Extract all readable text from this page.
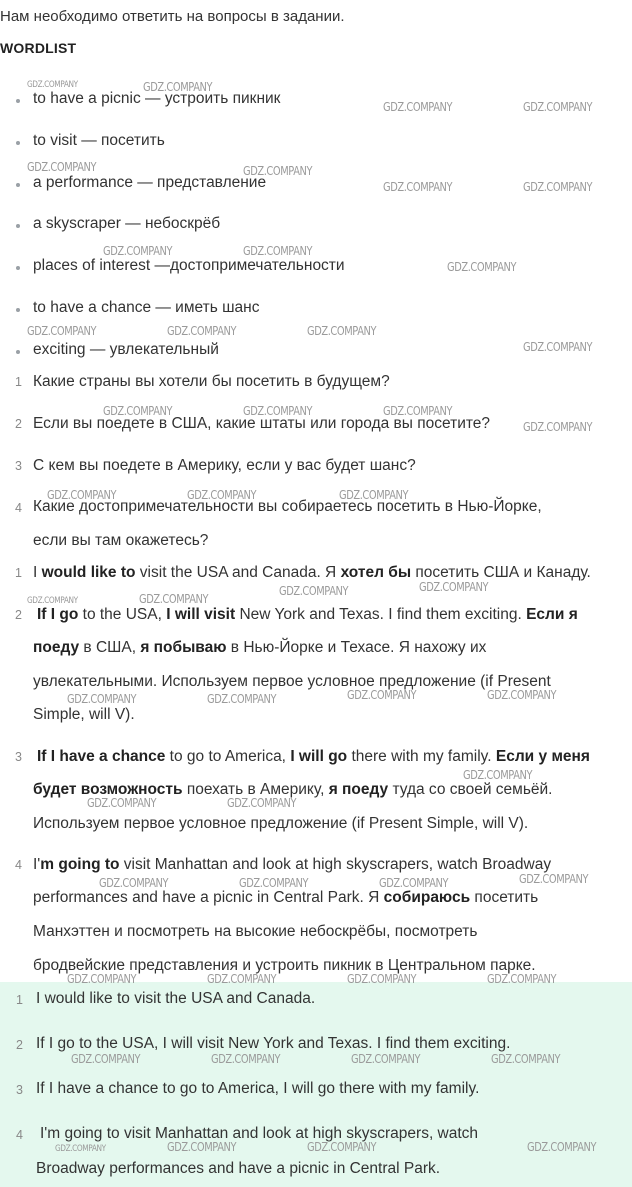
Нам необходимо ответить на вопросы в задании.
WORDLIST
to have a picnic — устроить пикник
to visit — посетить
a performance — представление
a skyscraper — небоскрёб
places of interest —достопримечательности
to have a chance — иметь шанс
exciting — увлекательный
1 Какие страны вы хотели бы посетить в будущем?
2 Если вы поедете в США, какие штаты или города вы посетите?
3 С кем вы поедете в Америку, если у вас будет шанс?
4 Какие достопримечательности вы собираетесь посетить в Нью-Йорке,
если вы там окажетесь?
1 I would like to visit the USA and Canada. Я хотел бы посетить США и Канаду.
2 If I go to the USA, I will visit New York and Texas. I find them exciting. Если я
поеду в США, я побываю в Нью-Йорке и Техасе. Я нахожу их
увлекательными. Используем первое условное предложение (if Present
Simple, will V).
3 If I have a chance to go to America, I will go there with my family. Если у меня
будет возможность поехать в Америку, я поеду туда со своей семьёй.
Используем первое условное предложение (if Present Simple, will V).
4 I'm going to visit Manhattan and look at high skyscrapers, watch Broadway
performances and have a picnic in Central Park. Я собираюсь посетить
Манхэттен и посмотреть на высокие небоскрёбы, посмотреть
бродвейские представления и устроить пикник в Центральном парке.
1 I would like to visit the USA and Canada.
2 If I go to the USA, I will visit New York and Texas. I find them exciting.
3 If I have a chance to go to America, I will go there with my family.
4 I'm going to visit Manhattan and look at high skyscrapers, watch
Broadway performances and have a picnic in Central Park.
GDZ.COMPANY	GDZ.COMPANY
GDZ.COMPANY	GDZ.COMPANY
GDZ.COMPANY	GDZ.COMPANY
GDZ.COMPANY	GDZ.COMPANY
GDZ.COMPANY	GDZ.COMPANY
GDZ.COMPANY
GDZ.COMPANY	GDZ.COMPANY	GDZ.COMPANY
GDZ.COMPANY
GDZ.COMPANY	GDZ.COMPANY	GDZ.COMPANY
GDZ.COMPANY
GDZ.COMPANY	GDZ.COMPANY	GDZ.COMPANY
GDZ.COMPANY	GDZ.COMPANY
GDZ.COMPANY	GDZ.COMPANY
GDZ.COMPANY	GDZ.COMPANY
GDZ.COMPANY	GDZ.COMPANY
GDZ.COMPANY
GDZ.COMPANY	GDZ.COMPANY
GDZ.COMPANY
GDZ.COMPANY	GDZ.COMPANY	GDZ.COMPANY
GDZ.COMPANY	GDZ.COMPANY	GDZ.COMPANY	GDZ.COMPANY
GDZ.COMPANY	GDZ.COMPANY	GDZ.COMPANY	GDZ.COMPANY
GDZ.COMPANY	GDZ.COMPANY	GDZ.COMPANY	GDZ.COMPANY
